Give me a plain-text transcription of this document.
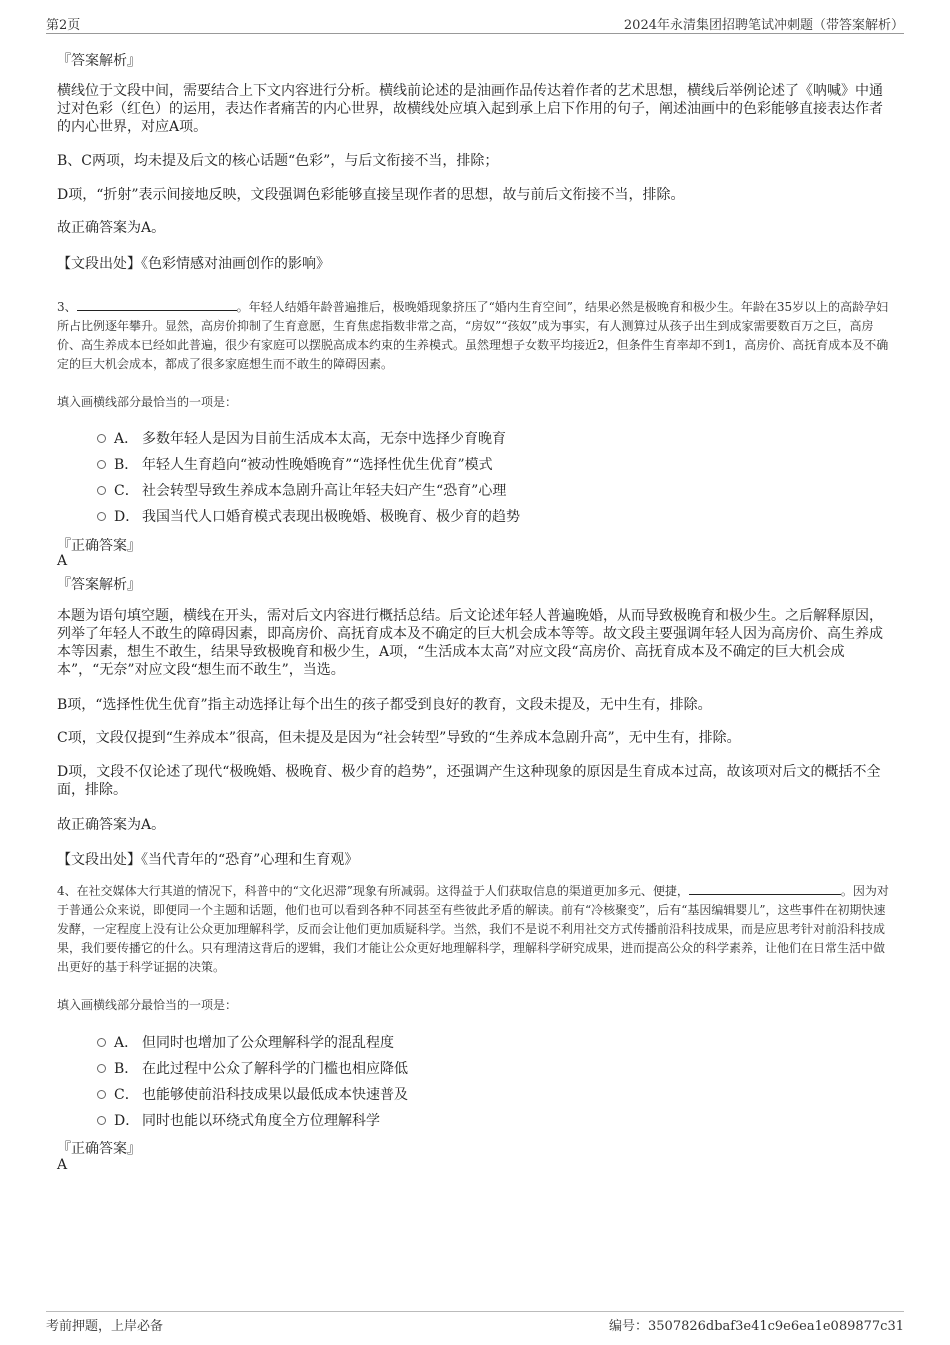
第2页	2024年永清集团招聘笔试冲刺题（带答案解析）
『答案解析』
横线位于文段中间，需要结合上下文内容进行分析。横线前论述的是油画作品传达着作者的艺术思想，横线后举例论述了《呐喊》中通过对色彩（红色）的运用，表达作者痛苦的内心世界，故横线处应填入起到承上启下作用的句子，阐述油画中的色彩能够直接表达作者的内心世界，对应A项。
B、C两项，均未提及后文的核心话题“色彩”，与后文衔接不当，排除；
D项，“折射”表示间接地反映，文段强调色彩能够直接呈现作者的思想，故与前后文衔接不当，排除。
故正确答案为A。
【文段出处】《色彩情感对油画创作的影响》
3、	。年轻人结婚年龄普遍推后，极晚婚现象挤压了“婚内生育空间”，结果必然是极晚育和极少生。年龄在35岁以上的高龄孕妇所占比例逐年攀升。显然，高房价抑制了生育意愿，生育焦虑指数非常之高，“房奴”“孩奴”成为事实，有人测算过从孩子出生到成家需要数百万之巨，高房价、高生养成本已经如此普遍，很少有家庭可以摆脱高成本约束的生养模式。虽然理想子女数平均接近2，但条件生育率却不到1，高房价、高抚育成本及不确定的巨大机会成本，都成了很多家庭想生而不敢生的障碍因素。
填入画横线部分最恰当的一项是：
A． 多数年轻人是因为目前生活成本太高，无奈中选择少育晚育
B． 年轻人生育趋向“被动性晚婚晚育”“选择性优生优育”模式
C． 社会转型导致生养成本急剧升高让年轻夫妇产生“恐育”心理
D． 我国当代人口婚育模式表现出极晚婚、极晚育、极少育的趋势
『正确答案』
A
『答案解析』
本题为语句填空题，横线在开头，需对后文内容进行概括总结。后文论述年轻人普遍晚婚，从而导致极晚育和极少生。之后解释原因，列举了年轻人不敢生的障碍因素，即高房价、高抚育成本及不确定的巨大机会成本等等。故文段主要强调年轻人因为高房价、高生养成本等因素，想生不敢生，结果导致极晚育和极少生，A项，“生活成本太高”对应文段“高房价、高抚育成本及不确定的巨大机会成本”，“无奈”对应文段“想生而不敢生”，当选。
B项，“选择性优生优育”指主动选择让每个出生的孩子都受到良好的教育，文段未提及，无中生有，排除。
C项，文段仅提到“生养成本”很高，但未提及是因为“社会转型”导致的“生养成本急剧升高”，无中生有，排除。
D项，文段不仅论述了现代“极晚婚、极晚育、极少育的趋势”，还强调产生这种现象的原因是生育成本过高，故该项对后文的概括不全面，排除。
故正确答案为A。
【文段出处】《当代青年的“恐育”心理和生育观》
4、在社交媒体大行其道的情况下，科普中的“文化迟滞”现象有所减弱。这得益于人们获取信息的渠道更加多元、便捷，	。因为对于普通公众来说，即便同一个主题和话题，他们也可以看到各种不同甚至有些彼此矛盾的解读。前有“冷核聚变”，后有“基因编辑婴儿”，这些事件在初期快速发酵，一定程度上没有让公众更加理解科学，反而会让他们更加质疑科学。当然，我们不是说不利用社交方式传播前沿科技成果，而是应思考针对前沿科技成果，我们要传播它的什么。只有理清这背后的逻辑，我们才能让公众更好地理解科学，理解科学研究成果，进而提高公众的科学素养，让他们在日常生活中做出更好的基于科学证据的决策。
填入画横线部分最恰当的一项是：
A． 但同时也增加了公众理解科学的混乱程度
B． 在此过程中公众了解科学的门槛也相应降低
C． 也能够使前沿科技成果以最低成本快速普及
D． 同时也能以环绕式角度全方位理解科学
『正确答案』
A
考前押题，上岸必备	编号：3507826dbaf3e41c9e6ea1e089877c31
